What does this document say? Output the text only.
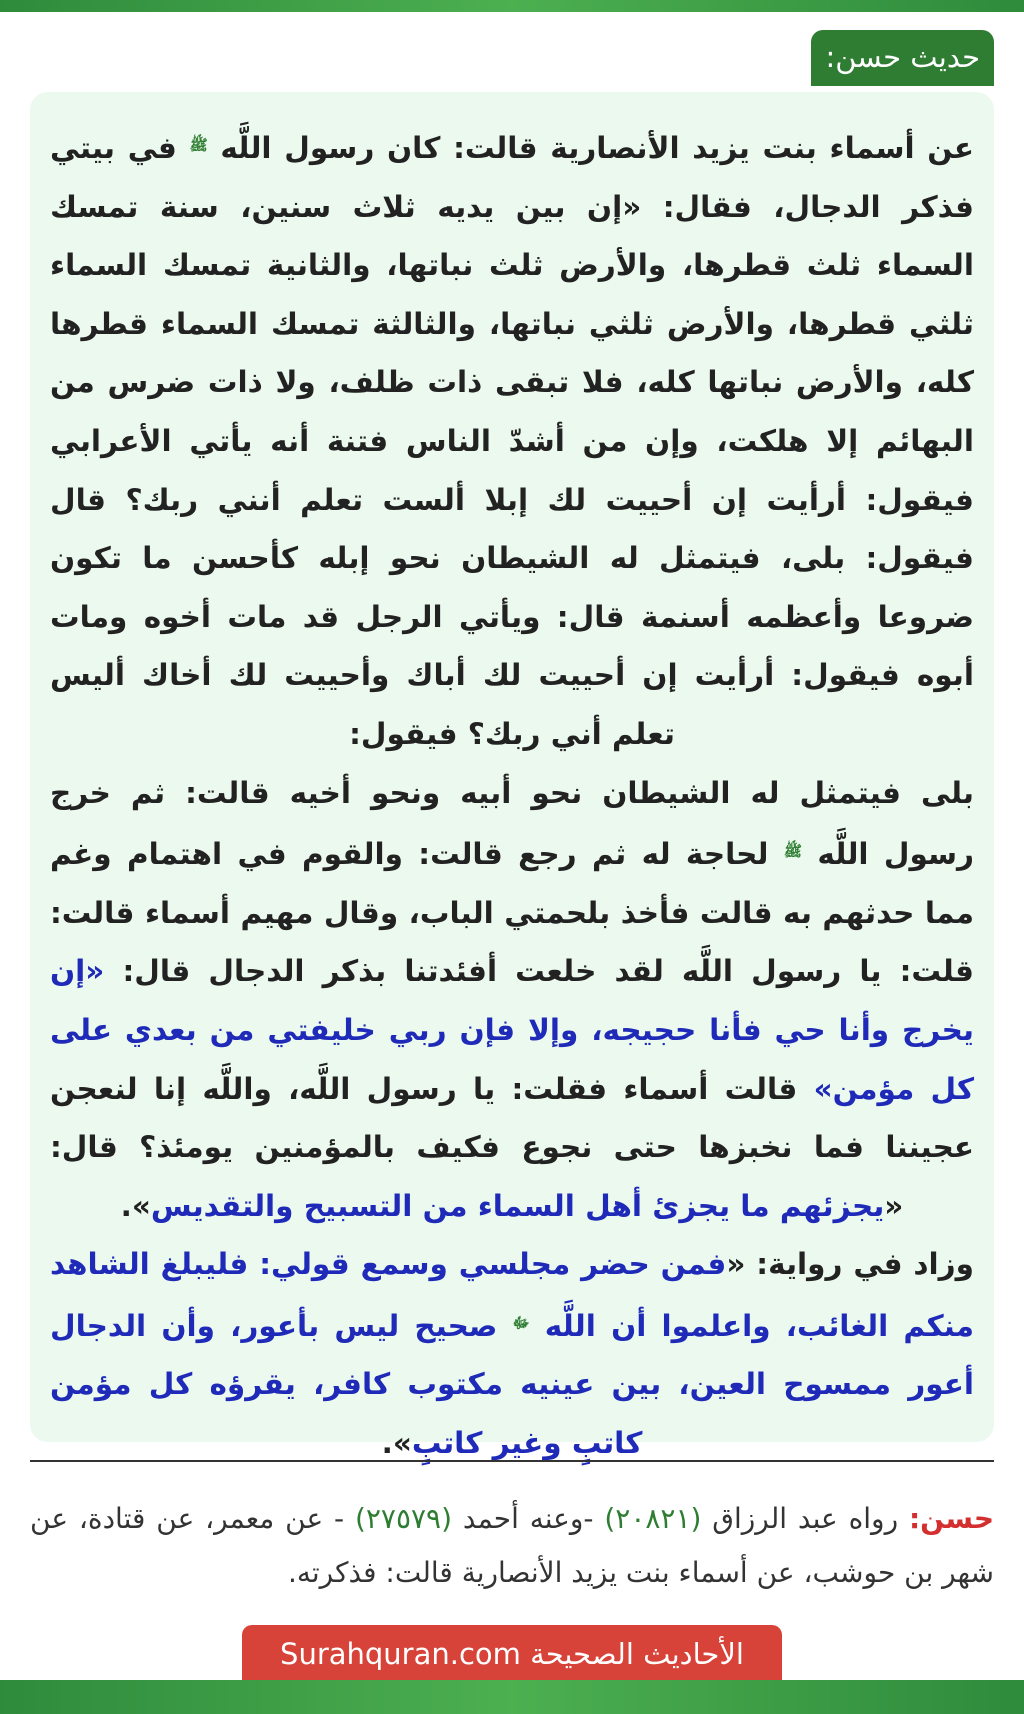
حديث حسن:

عن أسماء بنت يزيد الأنصارية قالت: كان رسول اللَّه $^ﷺ$ في بيتي فذكر الدجال، فقال: «إن بين يديه ثلاث سنين، سنة تمسك السماء ثلث قطرها، والأرض ثلث نباتها، والثانية تمسك السماء ثلثي قطرها، والأرض ثلثي نباتها، والثالثة تمسك السماء قطرها كله، والأرض نباتها كله، فلا تبقى ذات ظلف، ولا ذات ضرس من البهائم إلا هلكت، وإن من أشدّ الناس فتنة أنه يأتي الأعرابي فيقول: أرأيت إن أحييت لك إبلا ألست تعلم أنني ربك؟ قال فيقول: بلى، فيتمثل له الشيطان نحو إبله كأحسن ما تكون ضروعا وأعظمه أسنمة قال: ويأتي الرجل قد مات أخوه ومات أبوه فيقول: أرأيت إن أحييت لك أباك وأحييت لك أخاك أليس تعلم أني ربك؟ فيقول:

بلى فيتمثل له الشيطان نحو أبيه ونحو أخيه قالت: ثم خرج رسول اللَّه $^ﷺ$ لحاجة له ثم رجع قالت: والقوم في اهتمام وغم مما حدثهم به قالت فأخذ بلحمتي الباب، وقال مهيم أسماء قالت: قلت: يا رسول اللَّه لقد خلعت أفئدتنا بذكر الدجال قال: «إن يخرج وأنا حي فأنا حجيجه، وإلا فإن ربي خليفتي من بعدي على كل مؤمن» قالت أسماء فقلت: يا رسول اللَّه، واللَّه إنا لنعجن عجيننا فما نخبزها حتى نجوع فكيف بالمؤمنين يومئذ؟ قال: «يجزئهم ما يجزئ أهل السماء من التسبيح والتقديس».

وزاد في رواية: «فمن حضر مجلسي وسمع قولي: فليبلغ الشاهد منكم الغائب، واعلموا أن اللَّه $^ﷻ$ صحيح ليس بأعور، وأن الدجال أعور ممسوح العين، بين عينيه مكتوب كافر، يقرؤه كل مؤمن كاتبٍ وغير كاتبٍ».

حسن: رواه عبد الرزاق (٢٠٨٢١) -وعنه أحمد (٢٧٥٧٩) - عن معمر، عن قتادة، عن شهر بن حوشب، عن أسماء بنت يزيد الأنصارية قالت: فذكرته.
الأحاديث الصحيحة Surahquran.com
